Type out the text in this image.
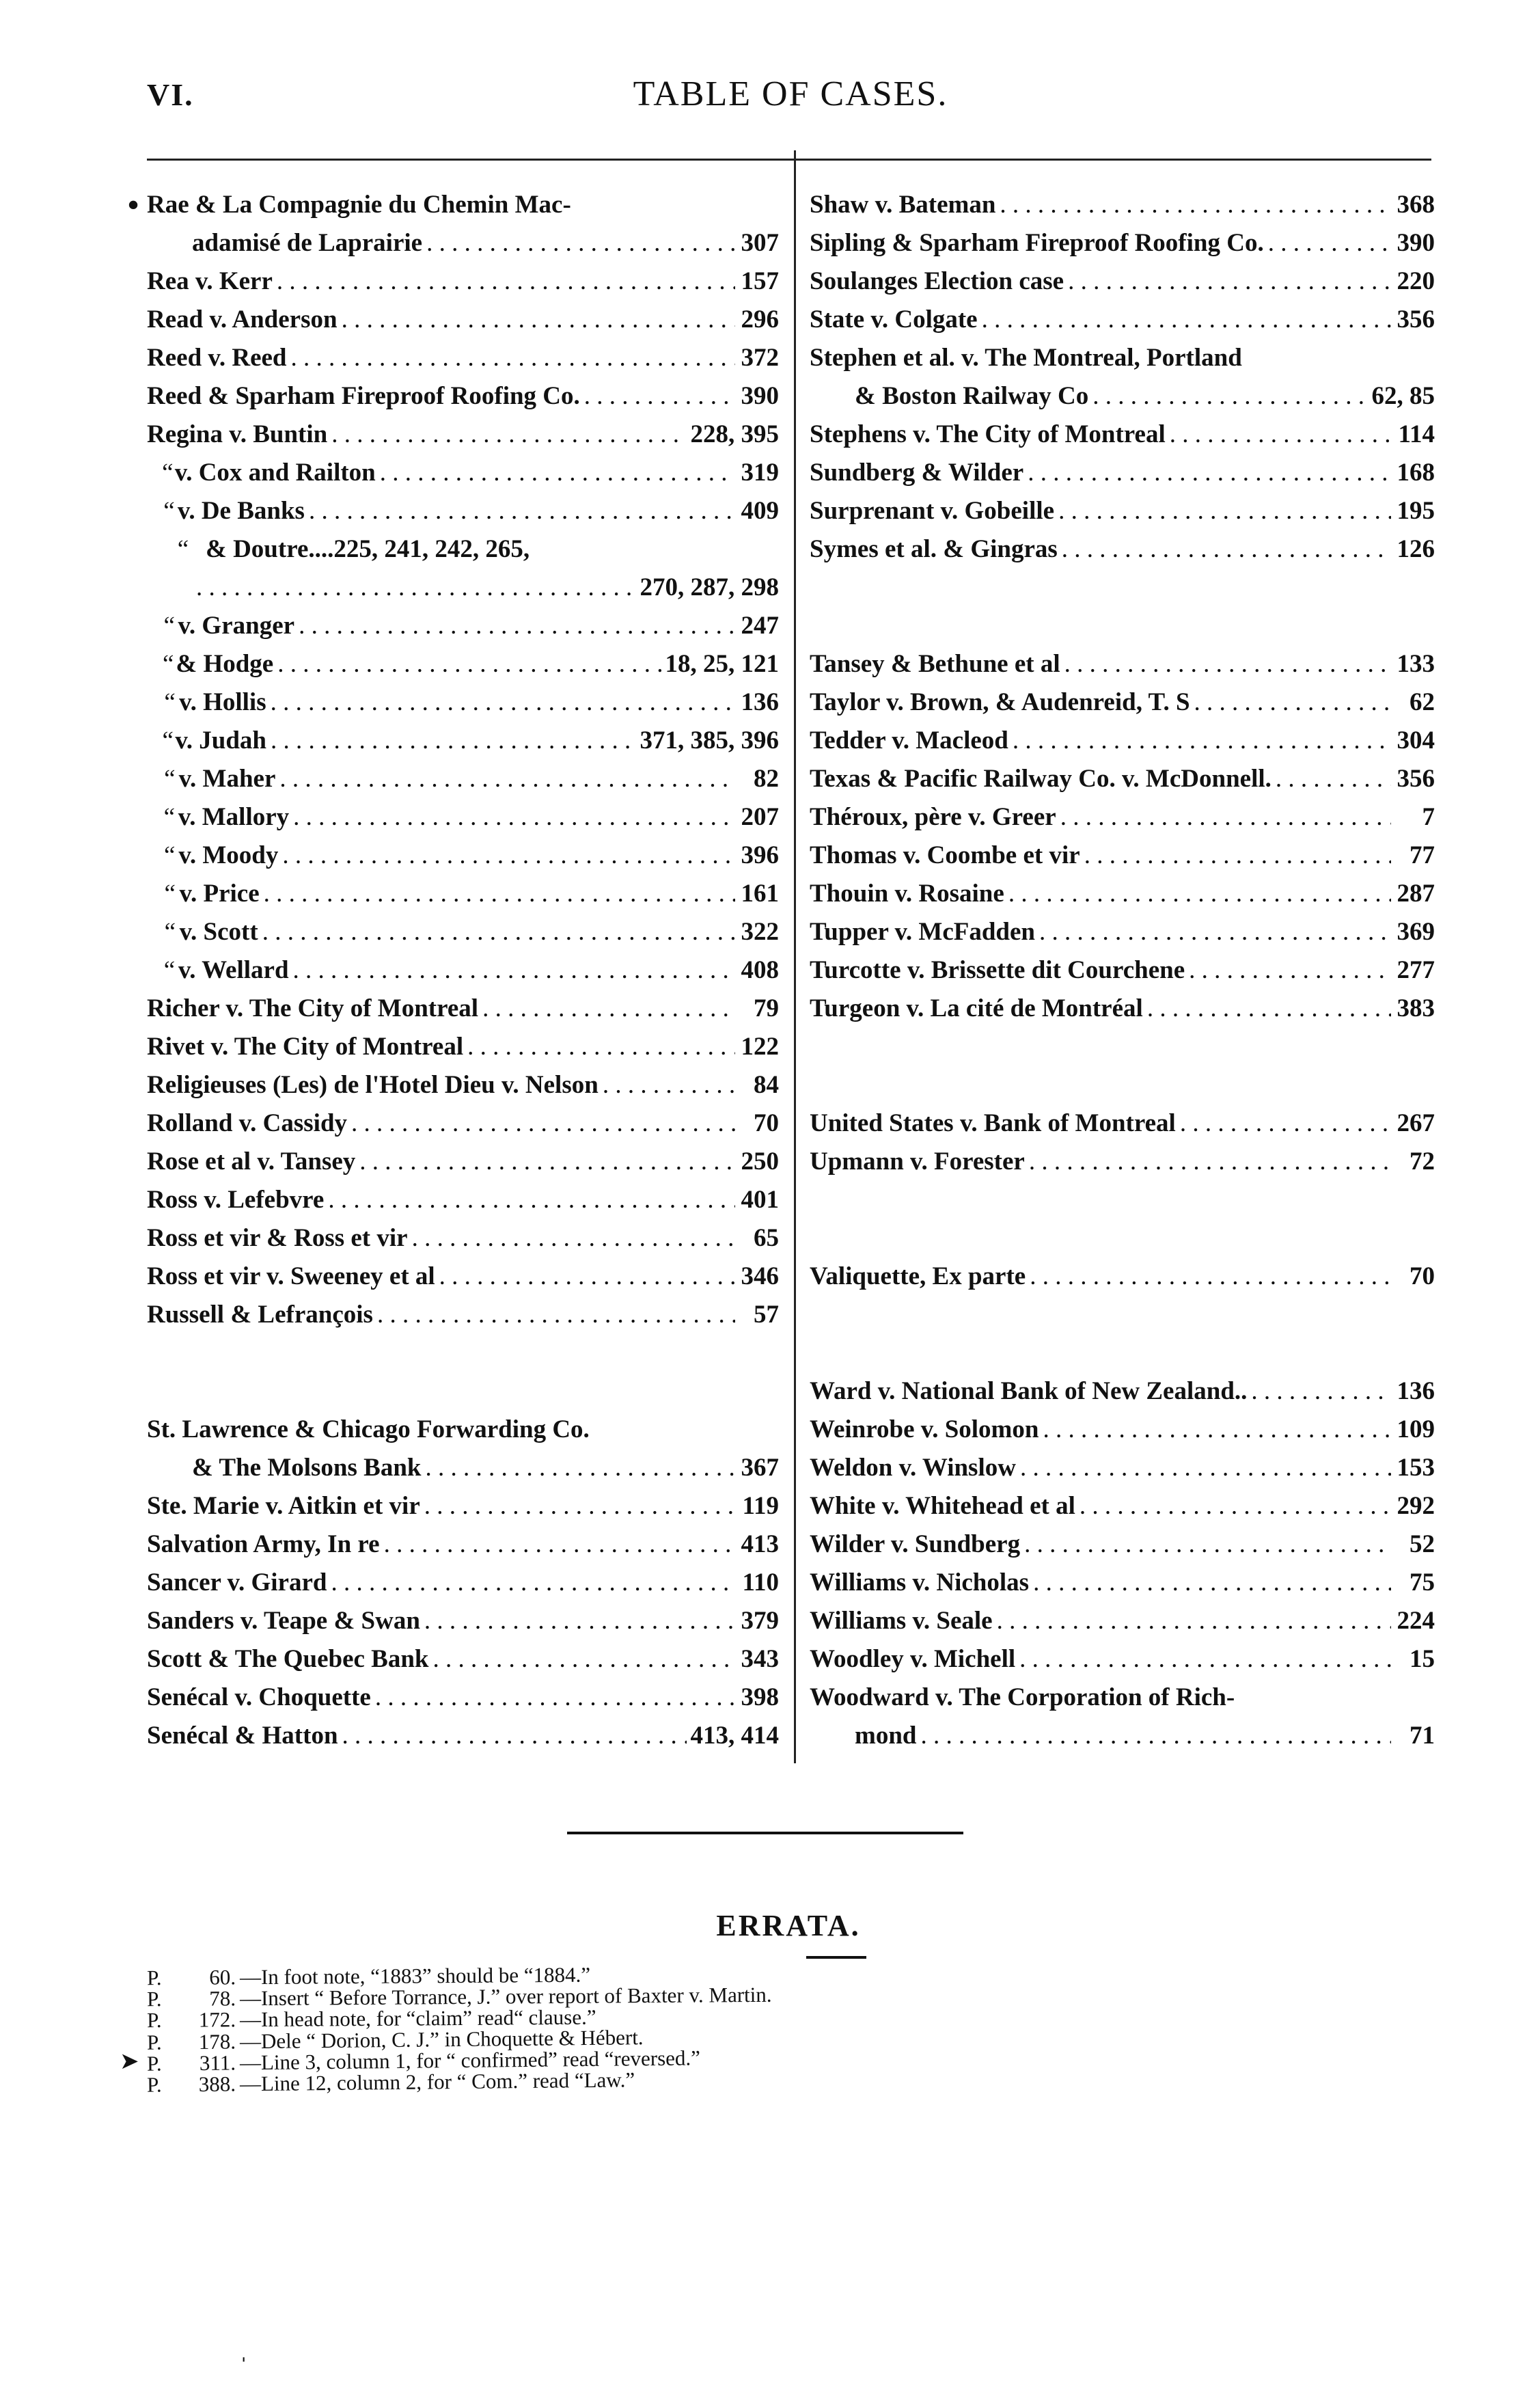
VI.	TABLE OF CASES.
• Rae & La Compagnie du Chemin Mac-
adamisé de Laprairie . . .	307
Rea v. Kerr . . .	157
Read v. Anderson . . .	296
Reed v. Reed . . .	372
Reed & Sparham Fireproof Roofing Co. . . .	390
Regina v. Buntin . . .	228, 395
“ v. Cox and Railton . . .	319
“ v. De Banks . . .	409
“ & Doutre....225, 241, 242, 265,
. . .
270, 287, 298
“ v. Granger . . .	247
“ & Hodge . . .	18, 25, 121
“ v. Hollis . . .	136
“ v. Judah . . .	371, 385, 396
“ v. Maher . . .	82
“ v. Mallory . . .	207
“ v. Moody . . .	396
“ v. Price . . .	161
“ v. Scott . . .	322
“ v. Wellard . . .	408
Richer v. The City of Montreal . . .	79
Rivet v. The City of Montreal . . .	122
Religieuses (Les) de l'Hotel Dieu v. Nelson . . .	84
Rolland v. Cassidy . . .	70
Rose et al v. Tansey . . .	250
Ross v. Lefebvre . . .	401
Ross et vir & Ross et vir . . .	65
Ross et vir v. Sweeney et al . . .	346
Russell & Lefrançois . . .	57
St. Lawrence & Chicago Forwarding Co.
& The Molsons Bank . . .	367
Ste. Marie v. Aitkin et vir . . .	119
Salvation Army, In re . . .	413
Sancer v. Girard . . .	110
Sanders v. Teape & Swan . . .	379
Scott & The Quebec Bank . . .	343
Senécal v. Choquette . . .	398
Senécal & Hatton . . .	413, 414
Shaw v. Bateman . . .	368
Sipling & Sparham Fireproof Roofing Co. . . .	390
Soulanges Election case . . .	220
State v. Colgate . . .	356
Stephen et al. v. The Montreal, Portland
& Boston Railway Co . . .	62, 85
Stephens v. The City of Montreal . . .	114
Sundberg & Wilder . . .	168
Surprenant v. Gobeille . . .	195
Symes et al. & Gingras . . .	126
Tansey & Bethune et al . . .	133
Taylor v. Brown, & Audenreid, T. S . . .	62
Tedder v. Macleod . . .	304
Texas & Pacific Railway Co. v. McDonnell. . . .	356
Théroux, père v. Greer . . .	7
Thomas v. Coombe et vir . . .	77
Thouin v. Rosaine . . .	287
Tupper v. McFadden . . .	369
Turcotte v. Brissette dit Courchene . . .	277
Turgeon v. La cité de Montréal . . .	383
United States v. Bank of Montreal . . .	267
Upmann v. Forester . . .	72
Valiquette, Ex parte . . .	70
Ward v. National Bank of New Zealand.. . . .	136
Weinrobe v. Solomon . . .	109
Weldon v. Winslow . . .	153
White v. Whitehead et al . . .	292
Wilder v. Sundberg . . .	52
Williams v. Nicholas . . .	75
Williams v. Seale . . .	224
Woodley v. Michell . . .	15
Woodward v. The Corporation of Rich-
mond . . .	71
ERRATA.
P. 60. —In foot note, “1883” should be “1884.”
P. 78. —Insert “ Before Torrance, J.” over report of Baxter v. Martin.
P. 172. —In head note, for “claim” read“ clause.”
P. 178. —Dele “ Dorion, C. J.” in Choquette & Hébert.
P. 311. —Line 3, column 1, for “ confirmed” read “reversed.”
P. 388. —Line 12, column 2, for “ Com.” read “Law.”
➤
ˈ
